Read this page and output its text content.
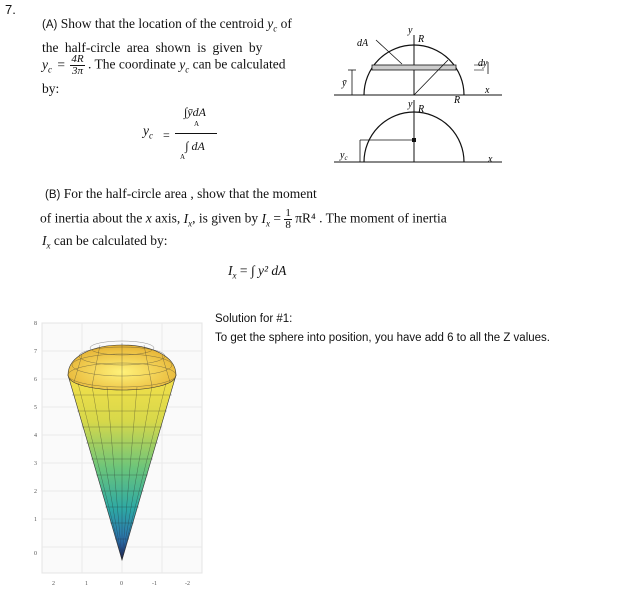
7.
(A) Show that the location of the centroid $y_c$ of
the half-circle area shown is given by
$y_c = \frac{4R}{3\pi}$ . The coordinate $y_c$ can be calculated
by:
$y_c$ =
∫ȳdA
A
∫ dA
A
dA
y
R
dy
x
ȳ
R
y R
x
$y_c$
(B) For the half-circle area , show that the moment
of inertia about the x axis, $I_x$, is given by $I_x = \frac{1}{8} \pi R^4$ . The moment of inertia
$I_x$ can be calculated by:
$I_x$ = ∫ y² dA
Solution for #1:
To get the sphere into position, you have add 6 to all the Z values.
8
7
6
5
4
3
2
1
0
2	1	0	-1	-2
